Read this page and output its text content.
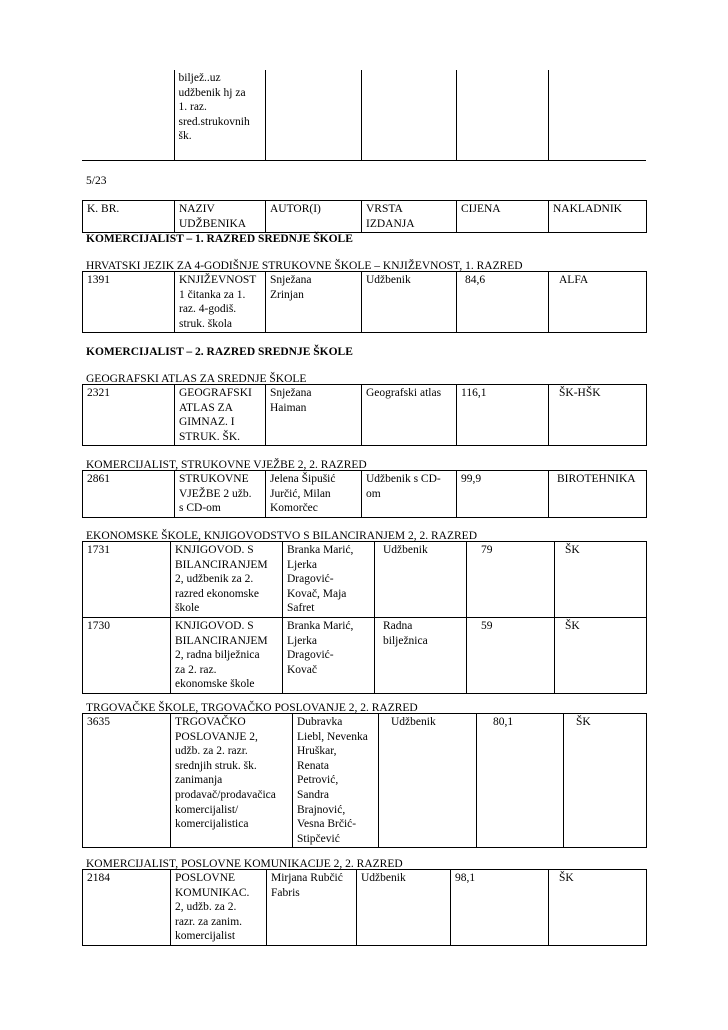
biljež..uz
udžbenik hj za
1. raz.
sred.strukovnih
šk.

5/23
K. BR.	NAZIV
UDŽBENIKA	AUTOR(I)	VRSTA
IZDANJA	CIJENA	NAKLADNIK
KOMERCIJALIST – 1. RAZRED SREDNJE ŠKOLE
HRVATSKI JEZIK ZA 4-GODIŠNJE STRUKOVNE ŠKOLE – KNJIŽEVNOST, 1. RAZRED
1391	KNJIŽEVNOST
1 čitanka za 1.
raz. 4-godiš.
struk. škola	Snježana
Zrinjan	Udžbenik	84,6	ALFA
KOMERCIJALIST – 2. RAZRED SREDNJE ŠKOLE
GEOGRAFSKI ATLAS ZA SREDNJE ŠKOLE
2321	GEOGRAFSKI
ATLAS ZA
GIMNAZ. I
STRUK. ŠK.	Snježana
Haiman	Geografski atlas	116,1	ŠK-HŠK
KOMERCIJALIST, STRUKOVNE VJEŽBE 2, 2. RAZRED
2861	STRUKOVNE
VJEŽBE 2 užb.
s CD-om	Jelena Šipušić
Jurčić, Milan
Komorčec	Udžbenik s CD-
om	99,9	BIROTEHNIKA
EKONOMSKE ŠKOLE, KNJIGOVODSTVO S BILANCIRANJEM 2, 2. RAZRED
1731	KNJIGOVOD. S
BILANCIRANJEM
2, udžbenik za 2.
razred ekonomske
škole	Branka Marić,
Ljerka
Dragović-
Kovač, Maja
Safret	Udžbenik	79	ŠK
1730	KNJIGOVOD. S
BILANCIRANJEM
2, radna bilježnica
za 2. raz.
ekonomske škole	Branka Marić,
Ljerka
Dragović-
Kovač	Radna
bilježnica	59	ŠK
TRGOVAČKE ŠKOLE, TRGOVAČKO POSLOVANJE 2, 2. RAZRED
3635	TRGOVAČKO
POSLOVANJE 2,
udžb. za 2. razr.
srednjih struk. šk.
zanimanja
prodavač/prodavačica
komercijalist/
komercijalistica	Dubravka
Liebl, Nevenka
Hruškar,
Renata
Petrović,
Sandra
Brajnović,
Vesna Brčić-
Stipčević	Udžbenik	80,1	ŠK
KOMERCIJALIST, POSLOVNE KOMUNIKACIJE 2, 2. RAZRED
2184	POSLOVNE
KOMUNIKAC.
2, udžb. za 2.
razr. za zanim.
komercijalist	Mirjana Rubčić
Fabris	Udžbenik	98,1	ŠK
